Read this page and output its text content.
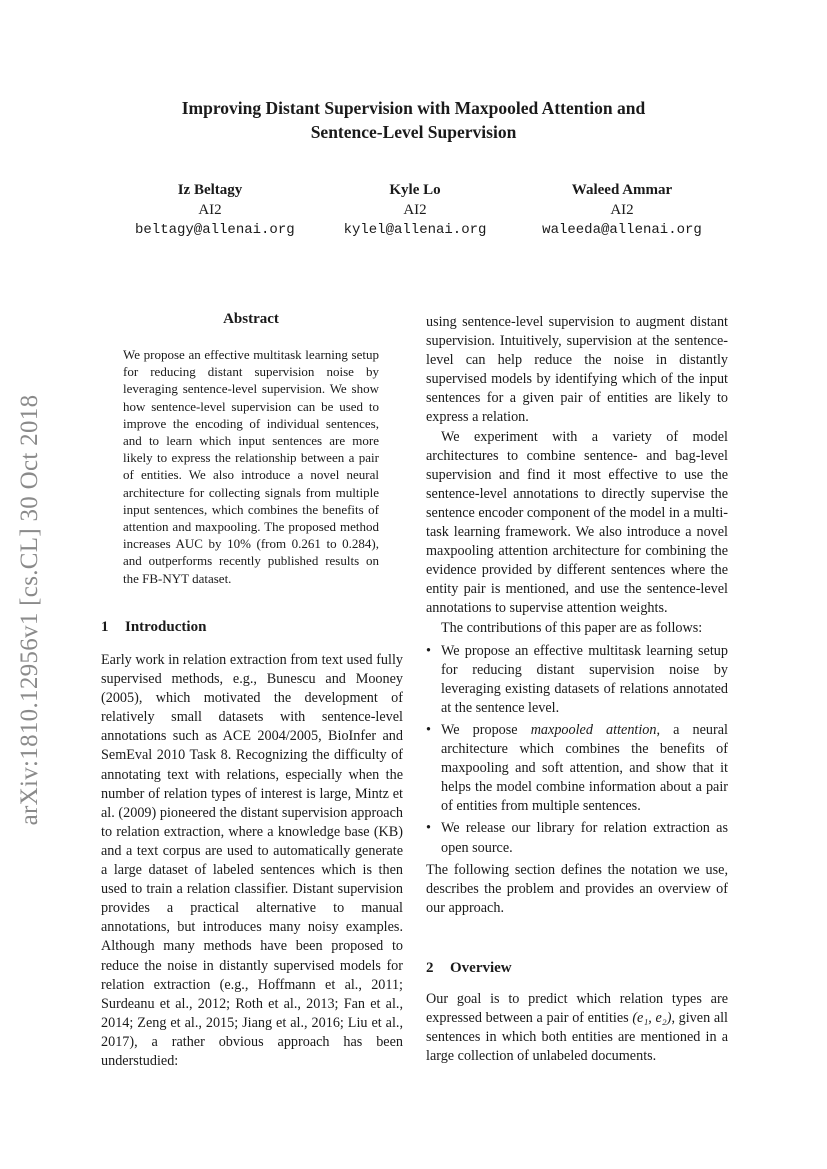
Improving Distant Supervision with Maxpooled Attention and
Sentence-Level Supervision
Iz Beltagy
AI2
beltagy@allenai.org
Kyle Lo
AI2
kylel@allenai.org
Waleed Ammar
AI2
waleeda@allenai.org
arXiv:1810.12956v1 [cs.CL] 30 Oct 2018
Abstract
We propose an effective multitask learning setup for reducing distant supervision noise by leveraging sentence-level supervision. We show how sentence-level supervision can be used to improve the encoding of individual sentences, and to learn which input sentences are more likely to express the relationship between a pair of entities. We also introduce a novel neural architecture for collecting signals from multiple input sentences, which combines the benefits of attention and maxpooling. The proposed method increases AUC by 10% (from 0.261 to 0.284), and outperforms recently published results on the FB-NYT dataset.
1 Introduction

Early work in relation extraction from text used fully supervised methods, e.g., Bunescu and Mooney (2005), which motivated the development of relatively small datasets with sentence-level annotations such as ACE 2004/2005, BioInfer and SemEval 2010 Task 8. Recognizing the difficulty of annotating text with relations, especially when the number of relation types of interest is large, Mintz et al. (2009) pioneered the distant supervision approach to relation extraction, where a knowledge base (KB) and a text corpus are used to automatically generate a large dataset of labeled sentences which is then used to train a relation classifier. Distant supervision provides a practical alternative to manual annotations, but introduces many noisy examples. Although many methods have been proposed to reduce the noise in distantly supervised models for relation extraction (e.g., Hoffmann et al., 2011; Surdeanu et al., 2012; Roth et al., 2013; Fan et al., 2014; Zeng et al., 2015; Jiang et al., 2016; Liu et al., 2017), a rather obvious approach has been understudied:

using sentence-level supervision to augment distant supervision. Intuitively, supervision at the sentence-level can help reduce the noise in distantly supervised models by identifying which of the input sentences for a given pair of entities are likely to express a relation.

We experiment with a variety of model architectures to combine sentence- and bag-level supervision and find it most effective to use the sentence-level annotations to directly supervise the sentence encoder component of the model in a multi-task learning framework. We also introduce a novel maxpooling attention architecture for combining the evidence provided by different sentences where the entity pair is mentioned, and use the sentence-level annotations to supervise attention weights.

The contributions of this paper are as follows:

• We propose an effective multitask learning setup for reducing distant supervision noise by leveraging existing datasets of relations annotated at the sentence level.
• We propose maxpooled attention, a neural architecture which combines the benefits of maxpooling and soft attention, and show that it helps the model combine information about a pair of entities from multiple sentences.
• We release our library for relation extraction as open source.

The following section defines the notation we use, describes the problem and provides an overview of our approach.

2 Overview

Our goal is to predict which relation types are expressed between a pair of entities (e₁, e₂), given all sentences in which both entities are mentioned in a large collection of unlabeled documents.
